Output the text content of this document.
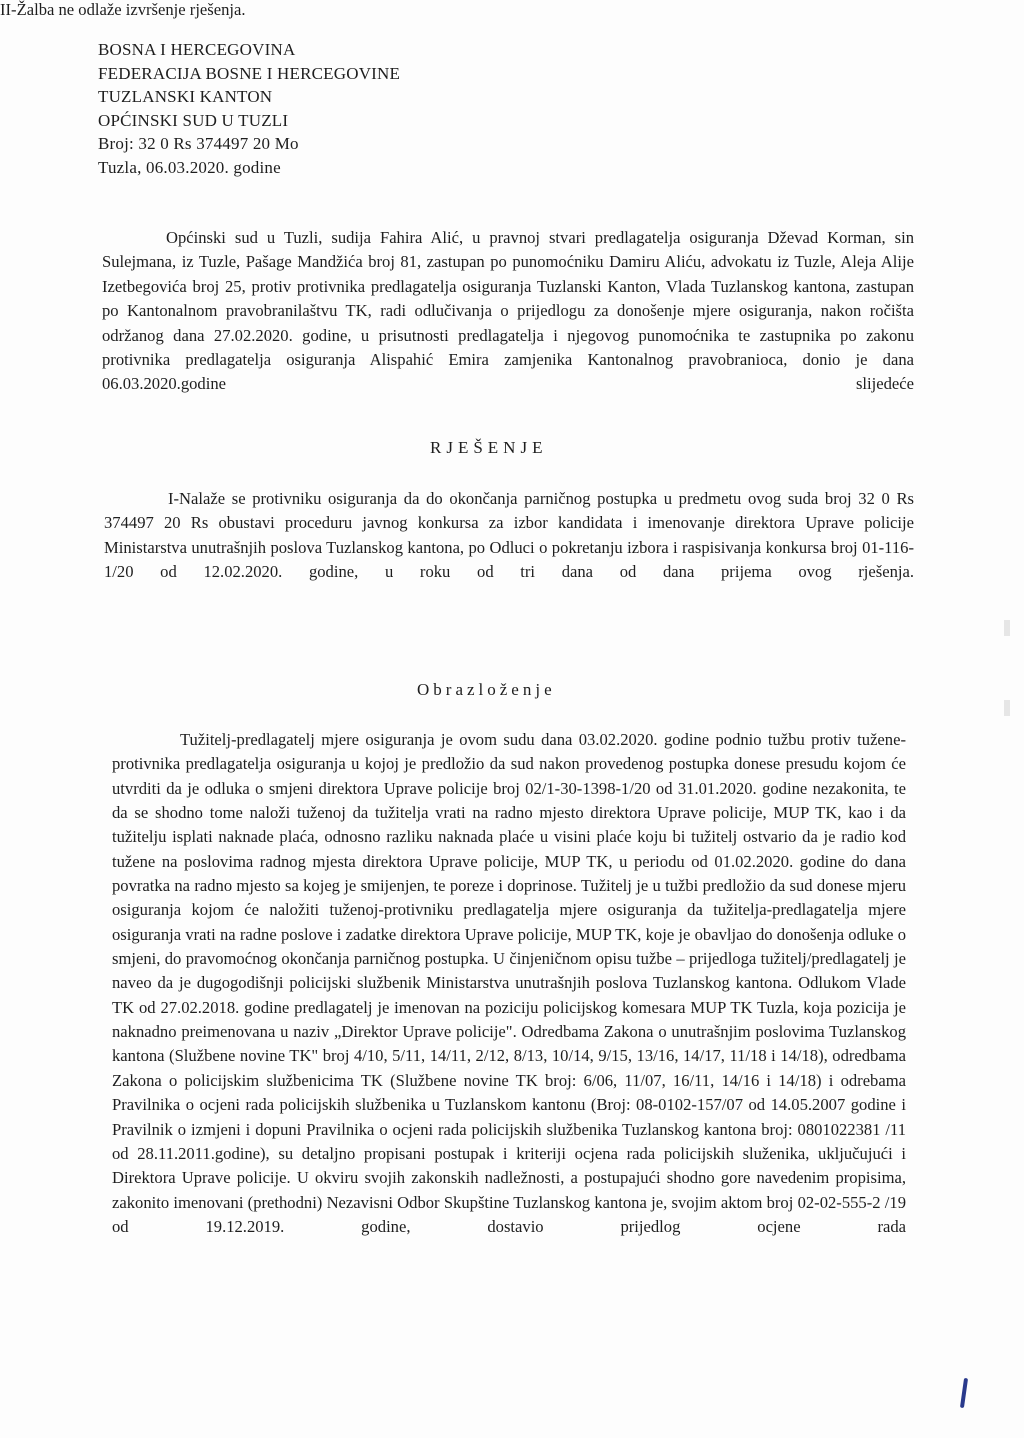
BOSNA I HERCEGOVINA
FEDERACIJA BOSNE I HERCEGOVINE
TUZLANSKI KANTON
OPĆINSKI SUD U TUZLI
Broj: 32 0 Rs 374497 20 Mo
Tuzla, 06.03.2020. godine
Općinski sud u Tuzli, sudija Fahira Alić, u pravnoj stvari predlagatelja osiguranja Dževad Korman, sin Sulejmana, iz Tuzle, Pašage Mandžića broj 81, zastupan po punomoćniku Damiru Aliću, advokatu iz Tuzle, Aleja Alije Izetbegovića broj 25, protiv protivnika predlagatelja osiguranja Tuzlanski Kanton, Vlada Tuzlanskog kantona, zastupan po Kantonalnom pravobranilaštvu TK, radi odlučivanja o prijedlogu za donošenje mjere osiguranja, nakon ročišta održanog dana 27.02.2020. godine, u prisutnosti predlagatelja i njegovog punomoćnika te zastupnika po zakonu protivnika predlagatelja osiguranja Alispahić Emira zamjenika Kantonalnog pravobranioca, donio je dana 06.03.2020.godine slijedeće
RJEŠENJE
I-Nalaže se protivniku osiguranja da do okončanja parničnog postupka u predmetu ovog suda broj 32 0 Rs 374497 20 Rs obustavi proceduru javnog konkursa za izbor kandidata i imenovanje direktora Uprave policije Ministarstva unutrašnjih poslova Tuzlanskog kantona, po Odluci o pokretanju izbora i raspisivanja konkursa broj 01-116-1/20 od 12.02.2020. godine, u roku od tri dana od dana prijema ovog rješenja.
II-Žalba ne odlaže izvršenje rješenja.
Obrazloženje
Tužitelj-predlagatelj mjere osiguranja je ovom sudu dana 03.02.2020. godine podnio tužbu protiv tužene-protivnika predlagatelja osiguranja u kojoj je predložio da sud nakon provedenog postupka donese presudu kojom će utvrditi da je odluka o smjeni direktora Uprave policije broj 02/1-30-1398-1/20 od 31.01.2020. godine nezakonita, te da se shodno tome naloži tuženoj da tužitelja vrati na radno mjesto direktora Uprave policije, MUP TK, kao i da tužitelju isplati naknade plaća, odnosno razliku naknada plaće u visini plaće koju bi tužitelj ostvario da je radio kod tužene na poslovima radnog mjesta direktora Uprave policije, MUP TK, u periodu od 01.02.2020. godine do dana povratka na radno mjesto sa kojeg je smijenjen, te poreze i doprinose. Tužitelj je u tužbi predložio da sud donese mjeru osiguranja kojom će naložiti tuženoj-protivniku predlagatelja mjere osiguranja da tužitelja-predlagatelja mjere osiguranja vrati na radne poslove i zadatke direktora Uprave policije, MUP TK, koje je obavljao do donošenja odluke o smjeni, do pravomoćnog okončanja parničnog postupka. U činjeničnom opisu tužbe – prijedloga tužitelj/predlagatelj je naveo da je dugogodišnji policijski službenik Ministarstva unutrašnjih poslova Tuzlanskog kantona. Odlukom Vlade TK od 27.02.2018. godine predlagatelj je imenovan na poziciju policijskog komesara MUP TK Tuzla, koja pozicija je naknadno preimenovana u naziv „Direktor Uprave policije". Odredbama Zakona o unutrašnjim poslovima Tuzlanskog kantona (Službene novine TK" broj 4/10, 5/11, 14/11, 2/12, 8/13, 10/14, 9/15, 13/16, 14/17, 11/18 i 14/18), odredbama Zakona o policijskim službenicima TK (Službene novine TK broj: 6/06, 11/07, 16/11, 14/16 i 14/18) i odrebama Pravilnika o ocjeni rada policijskih službenika u Tuzlanskom kantonu (Broj: 08-0102-157/07 od 14.05.2007 godine i Pravilnik o izmjeni i dopuni Pravilnika o ocjeni rada policijskih službenika Tuzlanskog kantona broj: 0801022381 /11 od 28.11.2011.godine), su detaljno propisani postupak i kriteriji ocjena rada policijskih služenika, uključujući i Direktora Uprave policije. U okviru svojih zakonskih nadležnosti, a postupajući shodno gore navedenim propisima, zakonito imenovani (prethodni) Nezavisni Odbor Skupštine Tuzlanskog kantona je, svojim aktom broj 02-02-555-2 /19 od 19.12.2019. godine, dostavio prijedlog ocjene rada
